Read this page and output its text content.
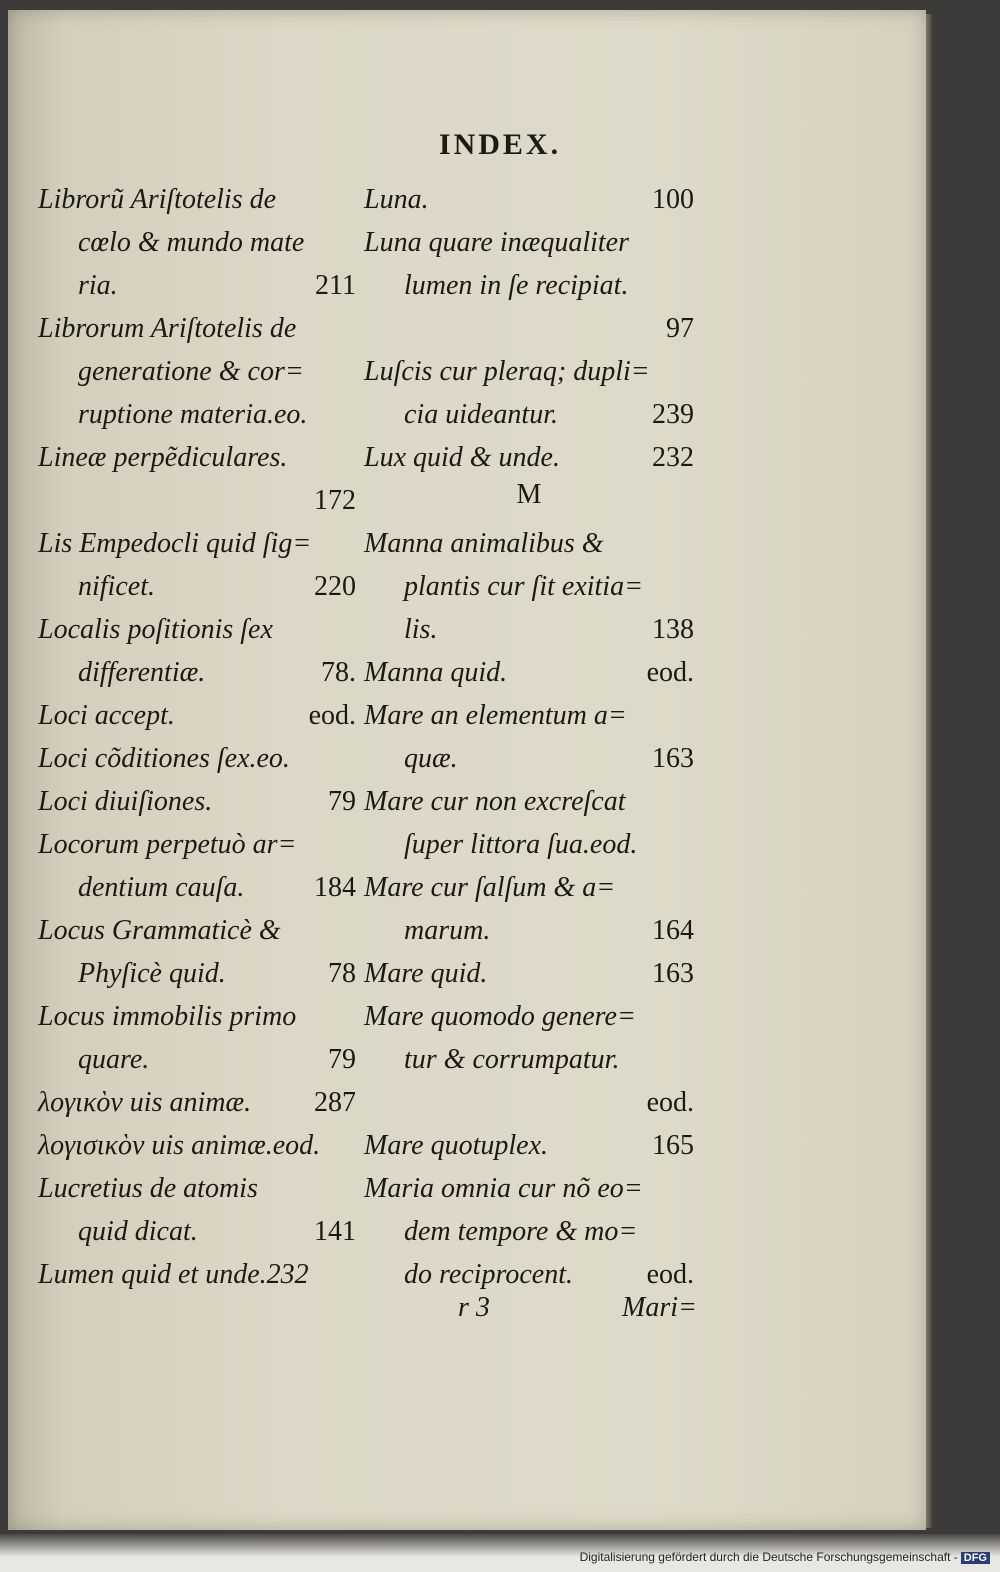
INDEX.
Librorũ Ariſtotelis de
cœlo & mundo mate
ria.	211
Librorum Ariſtotelis de
generatione & cor=
ruptione materia.eo.
Lineæ perpẽdiculares.
172
Lis Empedocli quid ſig=
nificet.	220
Localis poſitionis ſex
differentiæ.	78.
Loci accept.	eod.
Loci cõditiones ſex.eo.
Loci diuiſiones.	79
Locorum perpetuò ar=
dentium cauſa. 184
Locus Grammaticè &
Phyſicè quid.	78
Locus immobilis primo
quare.	79
λογικὸν uis animæ. 287
λογισικὸν uis animæ.eod.
Lucretius de atomis
quid dicat.	141
Lumen quid et unde.232
Luna.	100
Luna quare inæqualiter
lumen in ſe recipiat.
97
Luſcis cur pleraq; dupli=
cia uideantur.	239
Lux quid & unde.	232
M
Manna animalibus &
plantis cur ſit exitia=
lis.	138
Manna quid.	eod.
Mare an elementum a=
quæ.	163
Mare cur non excreſcat
ſuper littora ſua.eod.
Mare cur ſalſum & a=
marum.	164
Mare quid.	163
Mare quomodo genere=
tur & corrumpatur.
eod.
Mare quotuplex.	165
Maria omnia cur nõ eo=
dem tempore & mo=
do reciprocent.	eod.
r 3	Mari=
Digitalisierung gefördert durch die Deutsche Forschungsgemeinschaft - DFG
